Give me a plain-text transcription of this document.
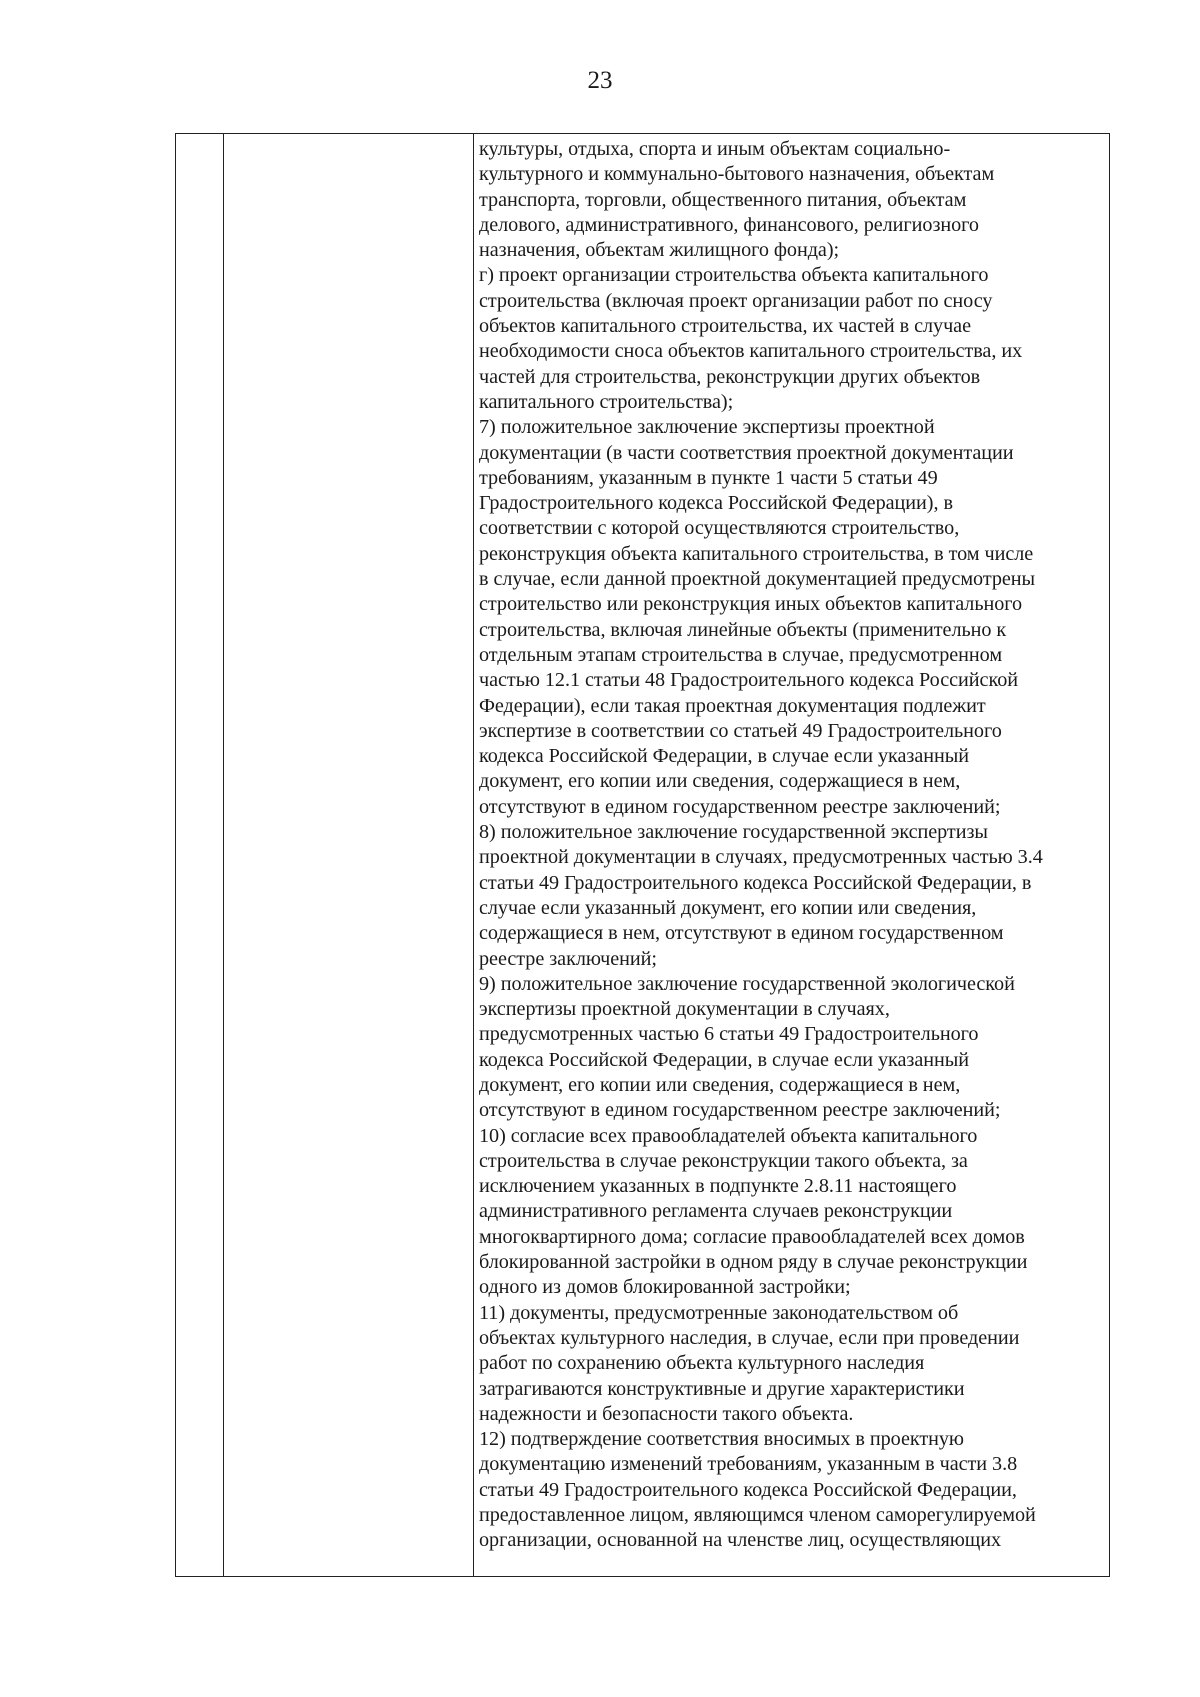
23
культуры, отдыха, спорта и иным объектам социально-
культурного и коммунально-бытового назначения, объектам
транспорта, торговли, общественного питания, объектам
делового, административного, финансового, религиозного
назначения, объектам жилищного фонда);
г) проект организации строительства объекта капитального
строительства (включая проект организации работ по сносу
объектов капитального строительства, их частей в случае
необходимости сноса объектов капитального строительства, их
частей для строительства, реконструкции других объектов
капитального строительства);
7) положительное заключение экспертизы проектной
документации (в части соответствия проектной документации
требованиям, указанным в пункте 1 части 5 статьи 49
Градостроительного кодекса Российской Федерации), в
соответствии с которой осуществляются строительство,
реконструкция объекта капитального строительства, в том числе
в случае, если данной проектной документацией предусмотрены
строительство или реконструкция иных объектов капитального
строительства, включая линейные объекты (применительно к
отдельным этапам строительства в случае, предусмотренном
частью 12.1 статьи 48 Градостроительного кодекса Российской
Федерации), если такая проектная документация подлежит
экспертизе в соответствии со статьей 49 Градостроительного
кодекса Российской Федерации, в случае если указанный
документ, его копии или сведения, содержащиеся в нем,
отсутствуют в едином государственном реестре заключений;
8) положительное заключение государственной экспертизы
проектной документации в случаях, предусмотренных частью 3.4
статьи 49 Градостроительного кодекса Российской Федерации, в
случае если указанный документ, его копии или сведения,
содержащиеся в нем, отсутствуют в едином государственном
реестре заключений;
9) положительное заключение государственной экологической
экспертизы проектной документации в случаях,
предусмотренных частью 6 статьи 49 Градостроительного
кодекса Российской Федерации, в случае если указанный
документ, его копии или сведения, содержащиеся в нем,
отсутствуют в едином государственном реестре заключений;
10) согласие всех правообладателей объекта капитального
строительства в случае реконструкции такого объекта, за
исключением указанных в подпункте 2.8.11 настоящего
административного регламента случаев реконструкции
многоквартирного дома; согласие правообладателей всех домов
блокированной застройки в одном ряду в случае реконструкции
одного из домов блокированной застройки;
11) документы, предусмотренные законодательством об
объектах культурного наследия, в случае, если при проведении
работ по сохранению объекта культурного наследия
затрагиваются конструктивные и другие характеристики
надежности и безопасности такого объекта.
12) подтверждение соответствия вносимых в проектную
документацию изменений требованиям, указанным в части 3.8
статьи 49 Градостроительного кодекса Российской Федерации,
предоставленное лицом, являющимся членом саморегулируемой
организации, основанной на членстве лиц, осуществляющих
